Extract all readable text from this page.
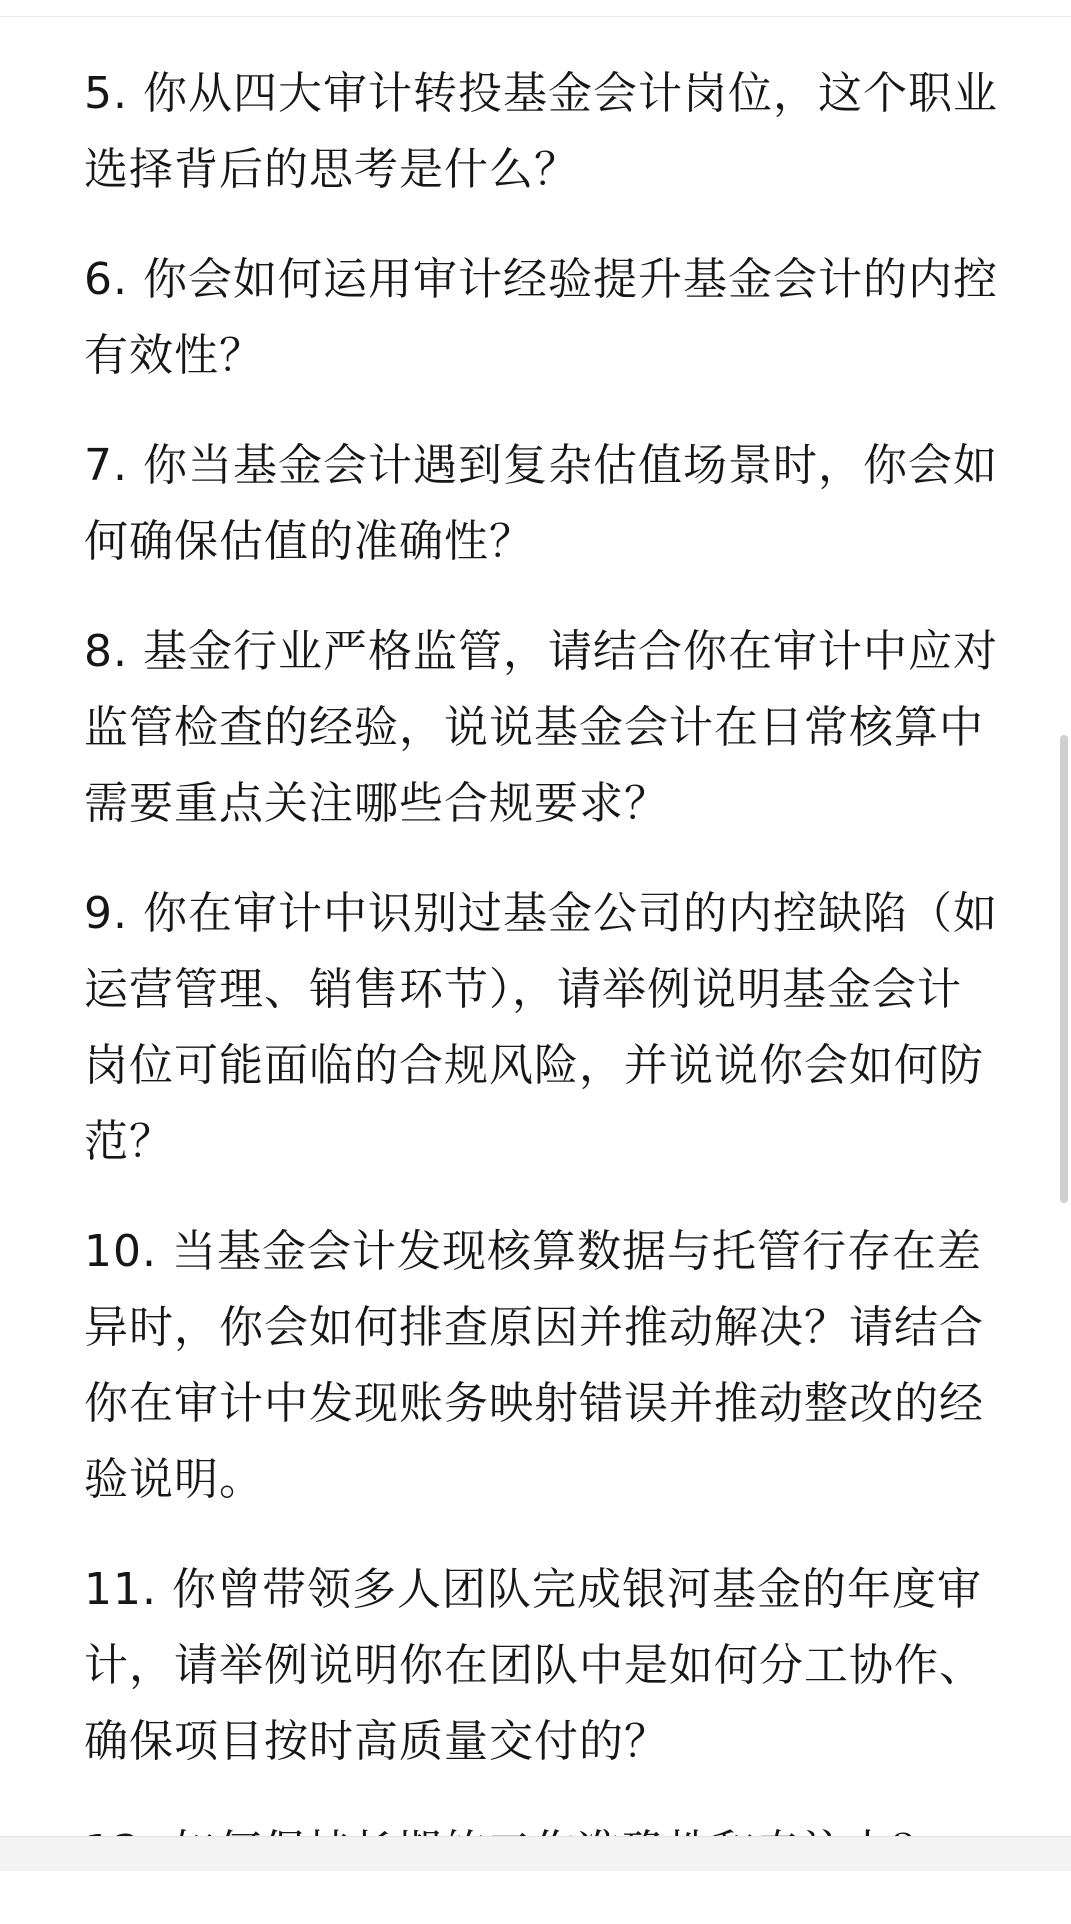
5. 你从四大审计转投基金会计岗位，这个职业选择背后的思考是什么？

6. 你会如何运用审计经验提升基金会计的内控有效性？

7. 你当基金会计遇到复杂估值场景时，你会如何确保估值的准确性？

8. 基金行业严格监管，请结合你在审计中应对监管检查的经验，说说基金会计在日常核算中需要重点关注哪些合规要求？

9. 你在审计中识别过基金公司的内控缺陷（如运营管理、销售环节），请举例说明基金会计岗位可能面临的合规风险，并说说你会如何防范？

10. 当基金会计发现核算数据与托管行存在差异时，你会如何排查原因并推动解决？请结合你在审计中发现账务映射错误并推动整改的经验说明。

11. 你曾带领多人团队完成银河基金的年度审计，请举例说明你在团队中是如何分工协作、确保项目按时高质量交付的？
